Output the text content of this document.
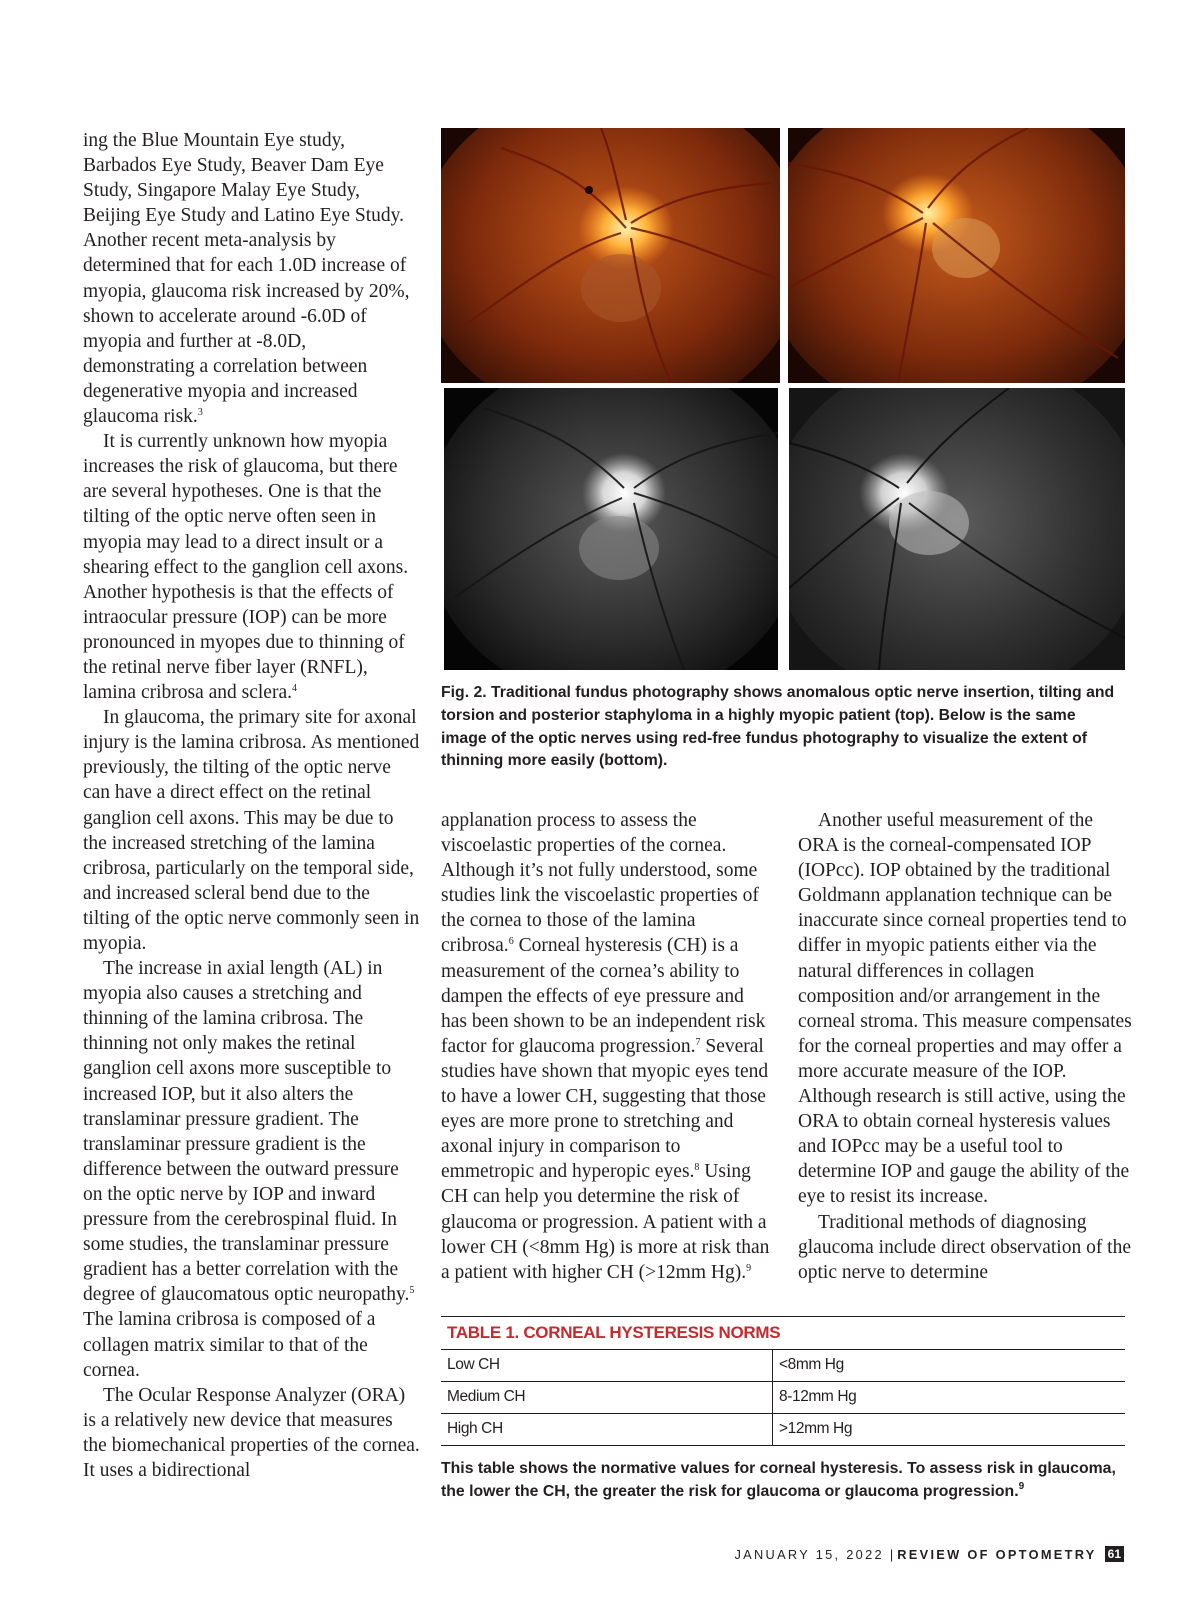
ing the Blue Mountain Eye study, Barbados Eye Study, Beaver Dam Eye Study, Singapore Malay Eye Study, Beijing Eye Study and Latino Eye Study. Another recent meta-analysis by determined that for each 1.0D increase of myopia, glaucoma risk increased by 20%, shown to accelerate around -6.0D of myopia and further at -8.0D, demonstrating a correlation between degenerative myopia and increased glaucoma risk.$^3$

It is currently unknown how myopia increases the risk of glaucoma, but there are several hypotheses. One is that the tilting of the optic nerve often seen in myopia may lead to a direct insult or a shearing effect to the ganglion cell axons. Another hypothesis is that the effects of intraocular pressure (IOP) can be more pronounced in myopes due to thinning of the retinal nerve fiber layer (RNFL), lamina cribrosa and sclera.$^4$

In glaucoma, the primary site for axonal injury is the lamina cribrosa. As mentioned previously, the tilting of the optic nerve can have a direct effect on the retinal ganglion cell axons. This may be due to the increased stretching of the lamina cribrosa, particularly on the temporal side, and increased scleral bend due to the tilting of the optic nerve commonly seen in myopia.

The increase in axial length (AL) in myopia also causes a stretching and thinning of the lamina cribrosa. The thinning not only makes the retinal ganglion cell axons more susceptible to increased IOP, but it also alters the translaminar pressure gradient. The translaminar pressure gradient is the difference between the outward pressure on the optic nerve by IOP and inward pressure from the cerebrospinal fluid. In some studies, the translaminar pressure gradient has a better correlation with the degree of glaucomatous optic neuropathy.$^5$ The lamina cribrosa is composed of a collagen matrix similar to that of the cornea.

The Ocular Response Analyzer (ORA) is a relatively new device that measures the biomechanical properties of the cornea. It uses a bidirectional

Fig. 2. Traditional fundus photography shows anomalous optic nerve insertion, tilting and torsion and posterior staphyloma in a highly myopic patient (top). Below is the same image of the optic nerves using red-free fundus photography to visualize the extent of thinning more easily (bottom).

applanation process to assess the viscoelastic properties of the cornea. Although it’s not fully understood, some studies link the viscoelastic properties of the cornea to those of the lamina cribrosa.$^6$ Corneal hysteresis (CH) is a measurement of the cornea’s ability to dampen the effects of eye pressure and has been shown to be an independent risk factor for glaucoma progression.$^7$ Several studies have shown that myopic eyes tend to have a lower CH, suggesting that those eyes are more prone to stretching and axonal injury in comparison to emmetropic and hyperopic eyes.$^8$ Using CH can help you determine the risk of glaucoma or progression. A patient with a lower CH (<8mm Hg) is more at risk than a patient with higher CH (>12mm Hg).$^9$

Another useful measurement of the ORA is the corneal-compensated IOP (IOPcc). IOP obtained by the traditional Goldmann applanation technique can be inaccurate since corneal properties tend to differ in myopic patients either via the natural differences in collagen composition and/or arrangement in the corneal stroma. This measure compensates for the corneal properties and may offer a more accurate measure of the IOP. Although research is still active, using the ORA to obtain corneal hysteresis values and IOPcc may be a useful tool to determine IOP and gauge the ability of the eye to resist its increase.

Traditional methods of diagnosing glaucoma include direct observation of the optic nerve to determine

TABLE 1. CORNEAL HYSTERESIS NORMS
Low CH	<8mm Hg
Medium CH	8-12mm Hg
High CH	>12mm Hg
This table shows the normative values for corneal hysteresis. To assess risk in glaucoma, the lower the CH, the greater the risk for glaucoma or glaucoma progression.$^9$
JANUARY 15, 2022 | REVIEW OF OPTOMETRY 61
